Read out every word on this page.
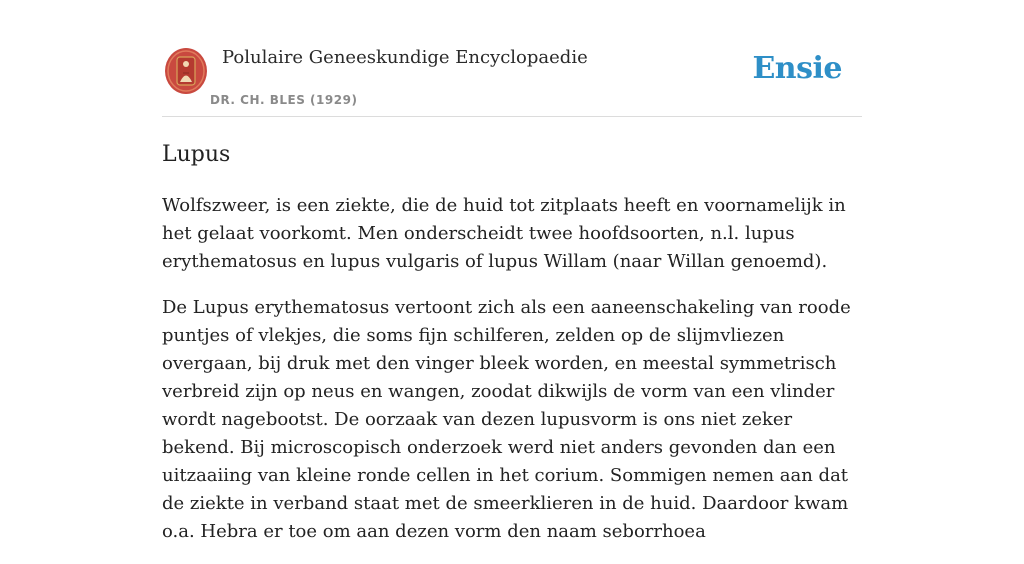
Polulaire Geneeskundige Encyclopaedie
DR. CH. BLES (1929)
Ensie
Lupus

Wolfszweer, is een ziekte, die de huid tot zitplaats heeft en voornamelijk in het gelaat voorkomt. Men onderscheidt twee hoofdsoorten, n.l. lupus erythematosus en lupus vulgaris of lupus Willam (naar Willan genoemd).

De Lupus erythematosus vertoont zich als een aaneenschakeling van roode puntjes of vlekjes, die soms fijn schilferen, zelden op de slijmvliezen overgaan, bij druk met den vinger bleek worden, en meestal symmetrisch verbreid zijn op neus en wangen, zoodat dikwijls de vorm van een vlinder wordt nagebootst. De oorzaak van dezen lupusvorm is ons niet zeker bekend. Bij microscopisch onderzoek werd niet anders gevonden dan een uitzaaiing van kleine ronde cellen in het corium. Sommigen nemen aan dat de ziekte in verband staat met de smeerklieren in de huid. Daardoor kwam o.a. Hebra er toe om aan dezen vorm den naam seborrhoea
